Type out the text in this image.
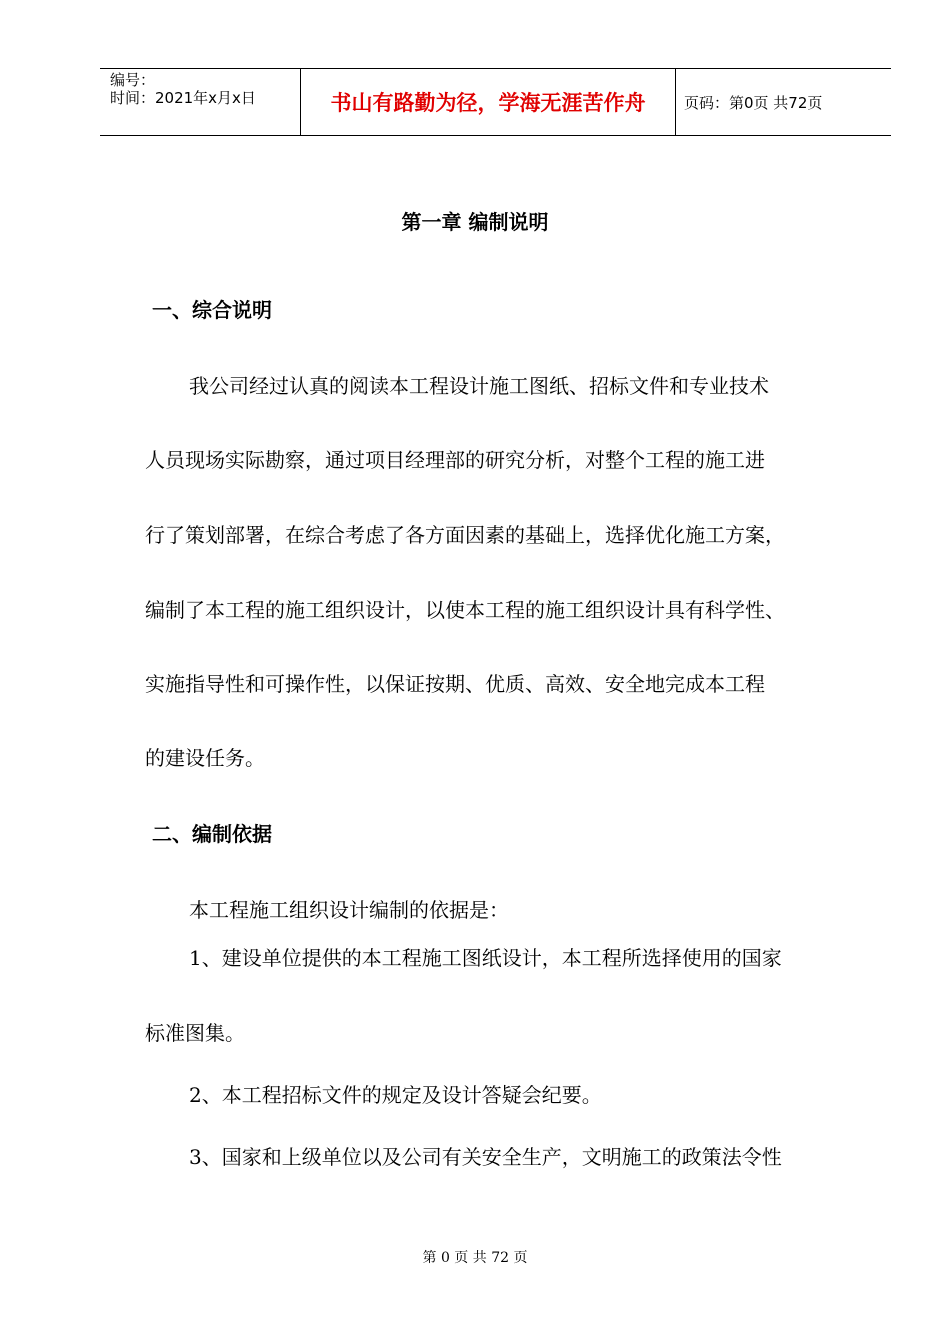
编号：
时间：2021年x月x日	书山有路勤为径，学海无涯苦作舟	页码：第0页 共72页
第一章 编制说明
一、综合说明
我公司经过认真的阅读本工程设计施工图纸、招标文件和专业技术
人员现场实际勘察，通过项目经理部的研究分析，对整个工程的施工进
行了策划部署，在综合考虑了各方面因素的基础上，选择优化施工方案，
编制了本工程的施工组织设计，以使本工程的施工组织设计具有科学性、
实施指导性和可操作性，以保证按期、优质、高效、安全地完成本工程
的建设任务。
二、编制依据
本工程施工组织设计编制的依据是：
1、建设单位提供的本工程施工图纸设计，本工程所选择使用的国家
标准图集。
2、本工程招标文件的规定及设计答疑会纪要。
3、国家和上级单位以及公司有关安全生产，文明施工的政策法令性
第 0 页 共 72 页
